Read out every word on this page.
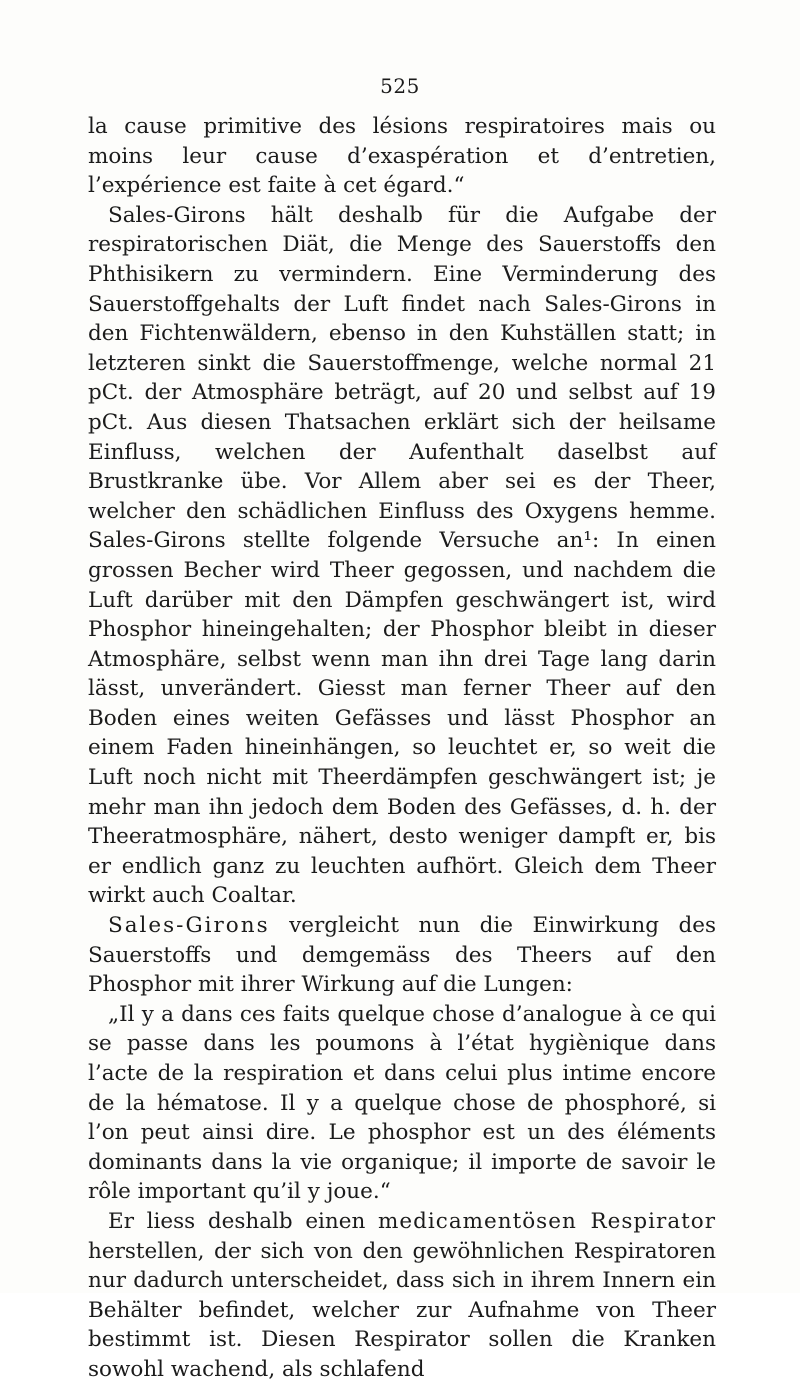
525

la cause primitive des lésions respiratoires mais ou moins leur cause d’exaspération et d’entretien, l’expérience est faite à cet égard.“

Sales-Girons hält deshalb für die Aufgabe der respiratorischen Diät, die Menge des Sauerstoffs den Phthisikern zu vermindern. Eine Verminderung des Sauerstoffgehalts der Luft findet nach Sales-Girons in den Fichtenwäldern, ebenso in den Kuhställen statt; in letzteren sinkt die Sauerstoffmenge, welche normal 21 pCt. der Atmosphäre beträgt, auf 20 und selbst auf 19 pCt. Aus diesen Thatsachen erklärt sich der heilsame Einfluss, welchen der Aufenthalt daselbst auf Brustkranke übe. Vor Allem aber sei es der Theer, welcher den schädlichen Einfluss des Oxygens hemme. Sales-Girons stellte folgende Versuche an¹: In einen grossen Becher wird Theer gegossen, und nachdem die Luft darüber mit den Dämpfen geschwängert ist, wird Phosphor hineingehalten; der Phosphor bleibt in dieser Atmosphäre, selbst wenn man ihn drei Tage lang darin lässt, unverändert. Giesst man ferner Theer auf den Boden eines weiten Gefässes und lässt Phosphor an einem Faden hineinhängen, so leuchtet er, so weit die Luft noch nicht mit Theerdämpfen geschwängert ist; je mehr man ihn jedoch dem Boden des Gefässes, d. h. der Theeratmosphäre, nähert, desto weniger dampft er, bis er endlich ganz zu leuchten aufhört. Gleich dem Theer wirkt auch Coaltar.

Sales-Girons vergleicht nun die Einwirkung des Sauerstoffs und demgemäss des Theers auf den Phosphor mit ihrer Wirkung auf die Lungen:

„Il y a dans ces faits quelque chose d’analogue à ce qui se passe dans les poumons à l’état hygiènique dans l’acte de la respiration et dans celui plus intime encore de la hématose. Il y a quelque chose de phosphoré, si l’on peut ainsi dire. Le phosphor est un des éléments dominants dans la vie organique; il importe de savoir le rôle important qu’il y joue.“

Er liess deshalb einen medicamentösen Respirator herstellen, der sich von den gewöhnlichen Respiratoren nur dadurch unterscheidet, dass sich in ihrem Innern ein Behälter befindet, welcher zur Aufnahme von Theer bestimmt ist. Diesen Respirator sollen die Kranken sowohl wachend, als schlafend
